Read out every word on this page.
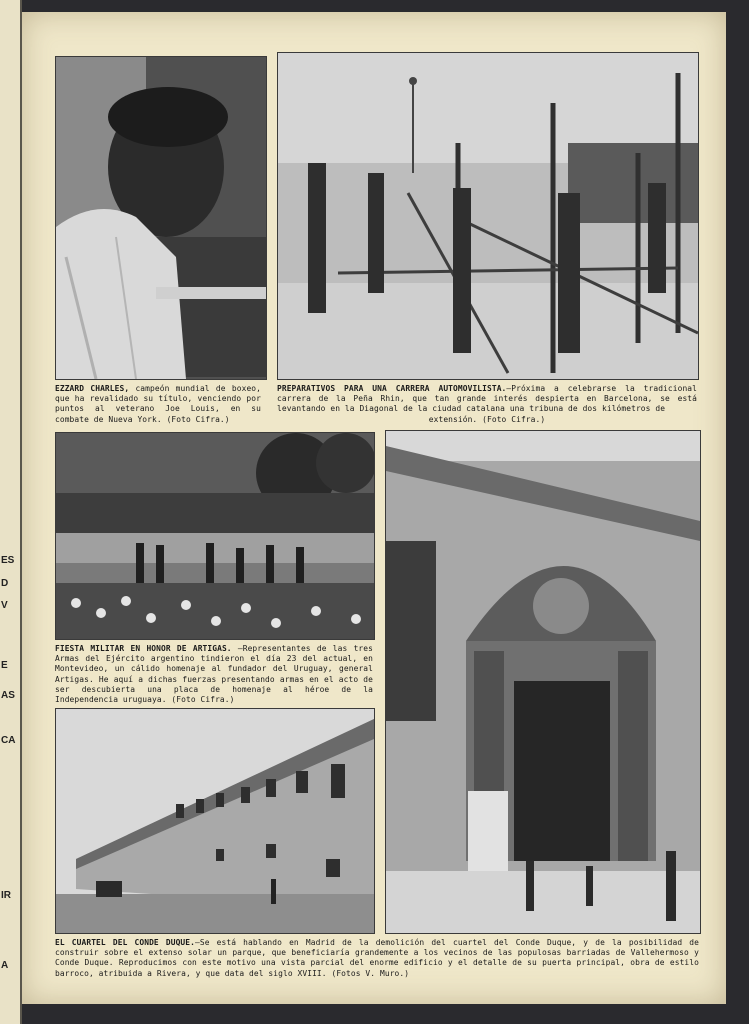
ES
D
V
E
AS
CA
IR
A
EZZARD CHARLES, campeón mundial de boxeo, que ha revalidado su título, venciendo por puntos al veterano Joe Louis, en su combate de Nueva York. (Foto Cifra.)
PREPARATIVOS PARA UNA CARRERA AUTOMOVILISTA.—Próxima a celebrarse la tradicional carrera de la Peña Rhin, que tan grande interés despierta en Barcelona, se está levantando en la Diagonal de la ciudad catalana una tribuna de dos kilómetros de
extensión. (Foto Cifra.)
FIESTA MILITAR EN HONOR DE ARTIGAS. —Representantes de las tres Armas del Ejército argentino tindieron el día 23 del actual, en Montevideo, un cálido homenaje al fundador del Uruguay, general Artigas. He aquí a dichas fuerzas presentando armas en el acto de ser descubierta una placa de homenaje al héroe de la Independencia uruguaya. (Foto Cifra.)
EL CUARTEL DEL CONDE DUQUE.—Se está hablando en Madrid de la demolición del cuartel del Conde Duque, y de la posibilidad de construir sobre el extenso solar un parque, que beneficiaría grandemente a los vecinos de las populosas barriadas de Vallehermoso y Conde Duque. Reproducimos con este motivo una vista parcial del enorme edificio y el detalle de su puerta principal, obra de estilo barroco, atribuida a Rivera, y que data del siglo XVIII. (Fotos V. Muro.)
